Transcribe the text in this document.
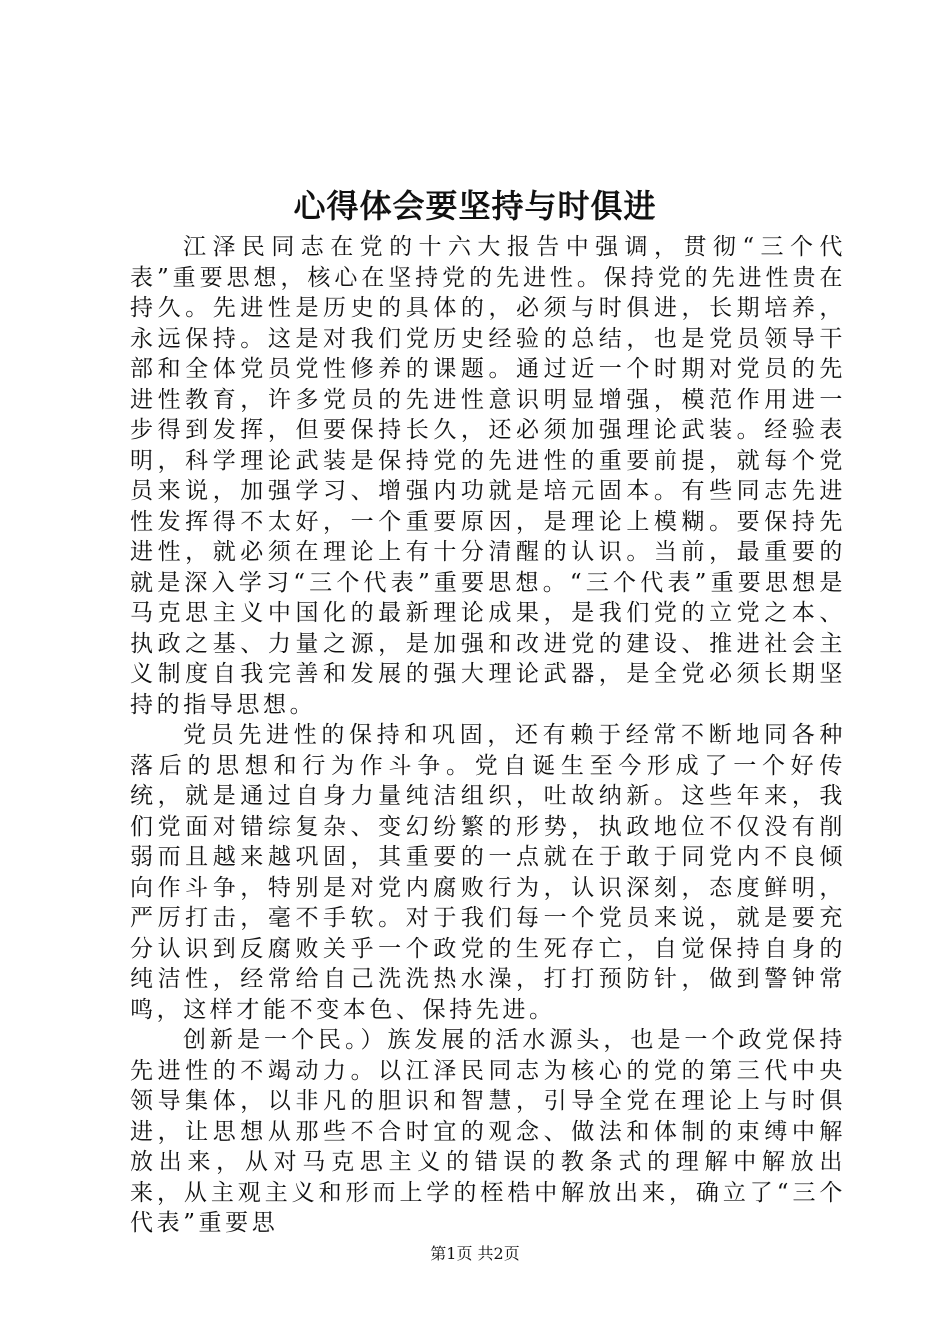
心得体会要坚持与时俱进

江泽民同志在党的十六大报告中强调，贯彻“三个代表”重要思想，核心在坚持党的先进性。保持党的先进性贵在持久。先进性是历史的具体的，必须与时俱进，长期培养，永远保持。这是对我们党历史经验的总结，也是党员领导干部和全体党员党性修养的课题。通过近一个时期对党员的先进性教育，许多党员的先进性意识明显增强，模范作用进一步得到发挥，但要保持长久，还必须加强理论武装。经验表明，科学理论武装是保持党的先进性的重要前提，就每个党员来说，加强学习、增强内功就是培元固本。有些同志先进性发挥得不太好，一个重要原因，是理论上模糊。要保持先进性，就必须在理论上有十分清醒的认识。当前，最重要的就是深入学习“三个代表”重要思想。“三个代表”重要思想是马克思主义中国化的最新理论成果，是我们党的立党之本、执政之基、力量之源，是加强和改进党的建设、推进社会主义制度自我完善和发展的强大理论武器，是全党必须长期坚持的指导思想。

党员先进性的保持和巩固，还有赖于经常不断地同各种落后的思想和行为作斗争。党自诞生至今形成了一个好传统，就是通过自身力量纯洁组织，吐故纳新。这些年来，我们党面对错综复杂、变幻纷繁的形势，执政地位不仅没有削弱而且越来越巩固，其重要的一点就在于敢于同党内不良倾向作斗争，特别是对党内腐败行为，认识深刻，态度鲜明，严厉打击，毫不手软。对于我们每一个党员来说，就是要充分认识到反腐败关乎一个政党的生死存亡，自觉保持自身的纯洁性，经常给自己洗洗热水澡，打打预防针，做到警钟常鸣，这样才能不变本色、保持先进。

创新是一个民。）族发展的活水源头，也是一个政党保持先进性的不竭动力。以江泽民同志为核心的党的第三代中央领导集体，以非凡的胆识和智慧，引导全党在理论上与时俱进，让思想从那些不合时宜的观念、做法和体制的束缚中解放出来，从对马克思主义的错误的教条式的理解中解放出来，从主观主义和形而上学的桎梏中解放出来，确立了“三个代表”重要思

第1页 共2页
